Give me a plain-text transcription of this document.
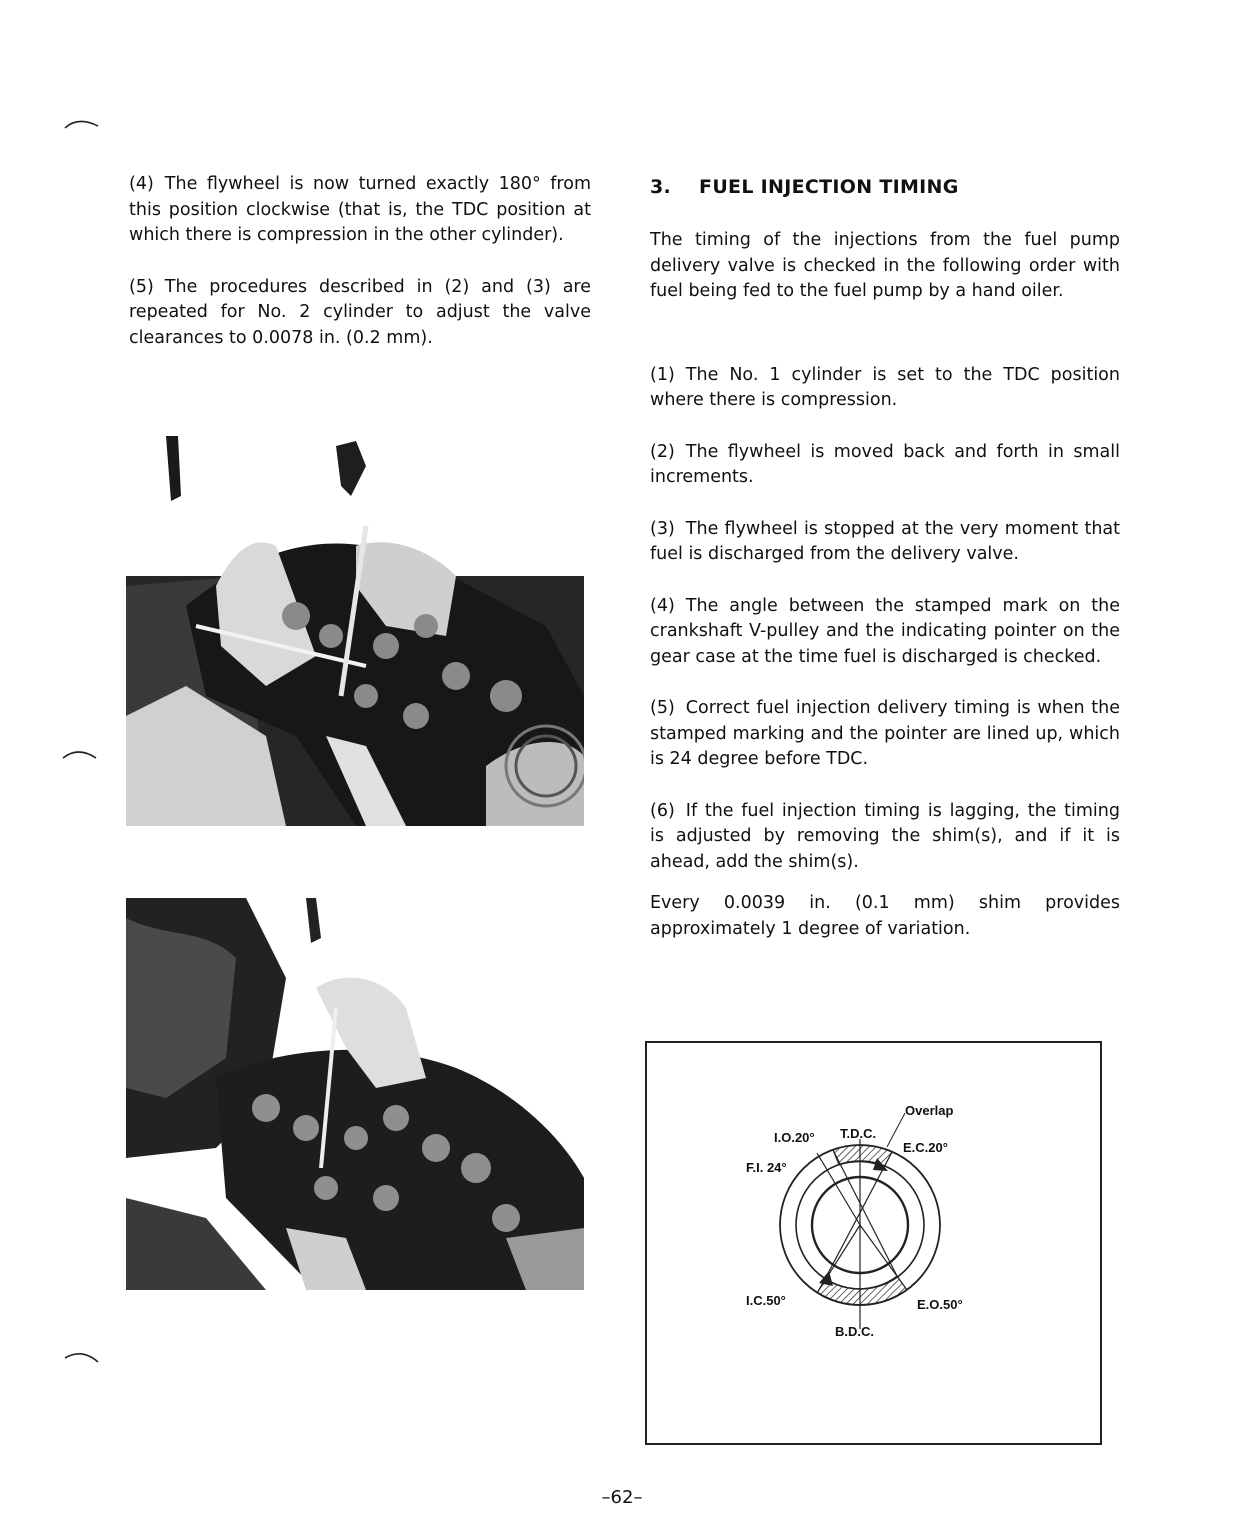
(4) The flywheel is now turned exactly 180° from this position clockwise (that is, the TDC position at which there is compression in the other cylinder).

(5) The procedures described in (2) and (3) are repeated for No. 2 cylinder to adjust the valve clearances to 0.0078 in. (0.2 mm).

3. FUEL INJECTION TIMING

The timing of the injections from the fuel pump delivery valve is checked in the following order with fuel being fed to the fuel pump by a hand oiler.

(1) The No. 1 cylinder is set to the TDC position where there is compression.

(2) The flywheel is moved back and forth in small increments.

(3) The flywheel is stopped at the very moment that fuel is discharged from the delivery valve.

(4) The angle between the stamped mark on the crankshaft V-pulley and the indicating pointer on the gear case at the time fuel is discharged is checked.

(5) Correct fuel injection delivery timing is when the stamped marking and the pointer are lined up, which is 24 degree before TDC.

(6) If the fuel injection timing is lagging, the timing is adjusted by removing the shim(s), and if it is ahead, add the shim(s).

Every 0.0039 in. (0.1 mm) shim provides approximately 1 degree of variation.

Overlap
T.D.C.
I.O.20°
E.C.20°
F.I. 24°
I.C.50°	E.O.50°
B.D.C.
–62–
